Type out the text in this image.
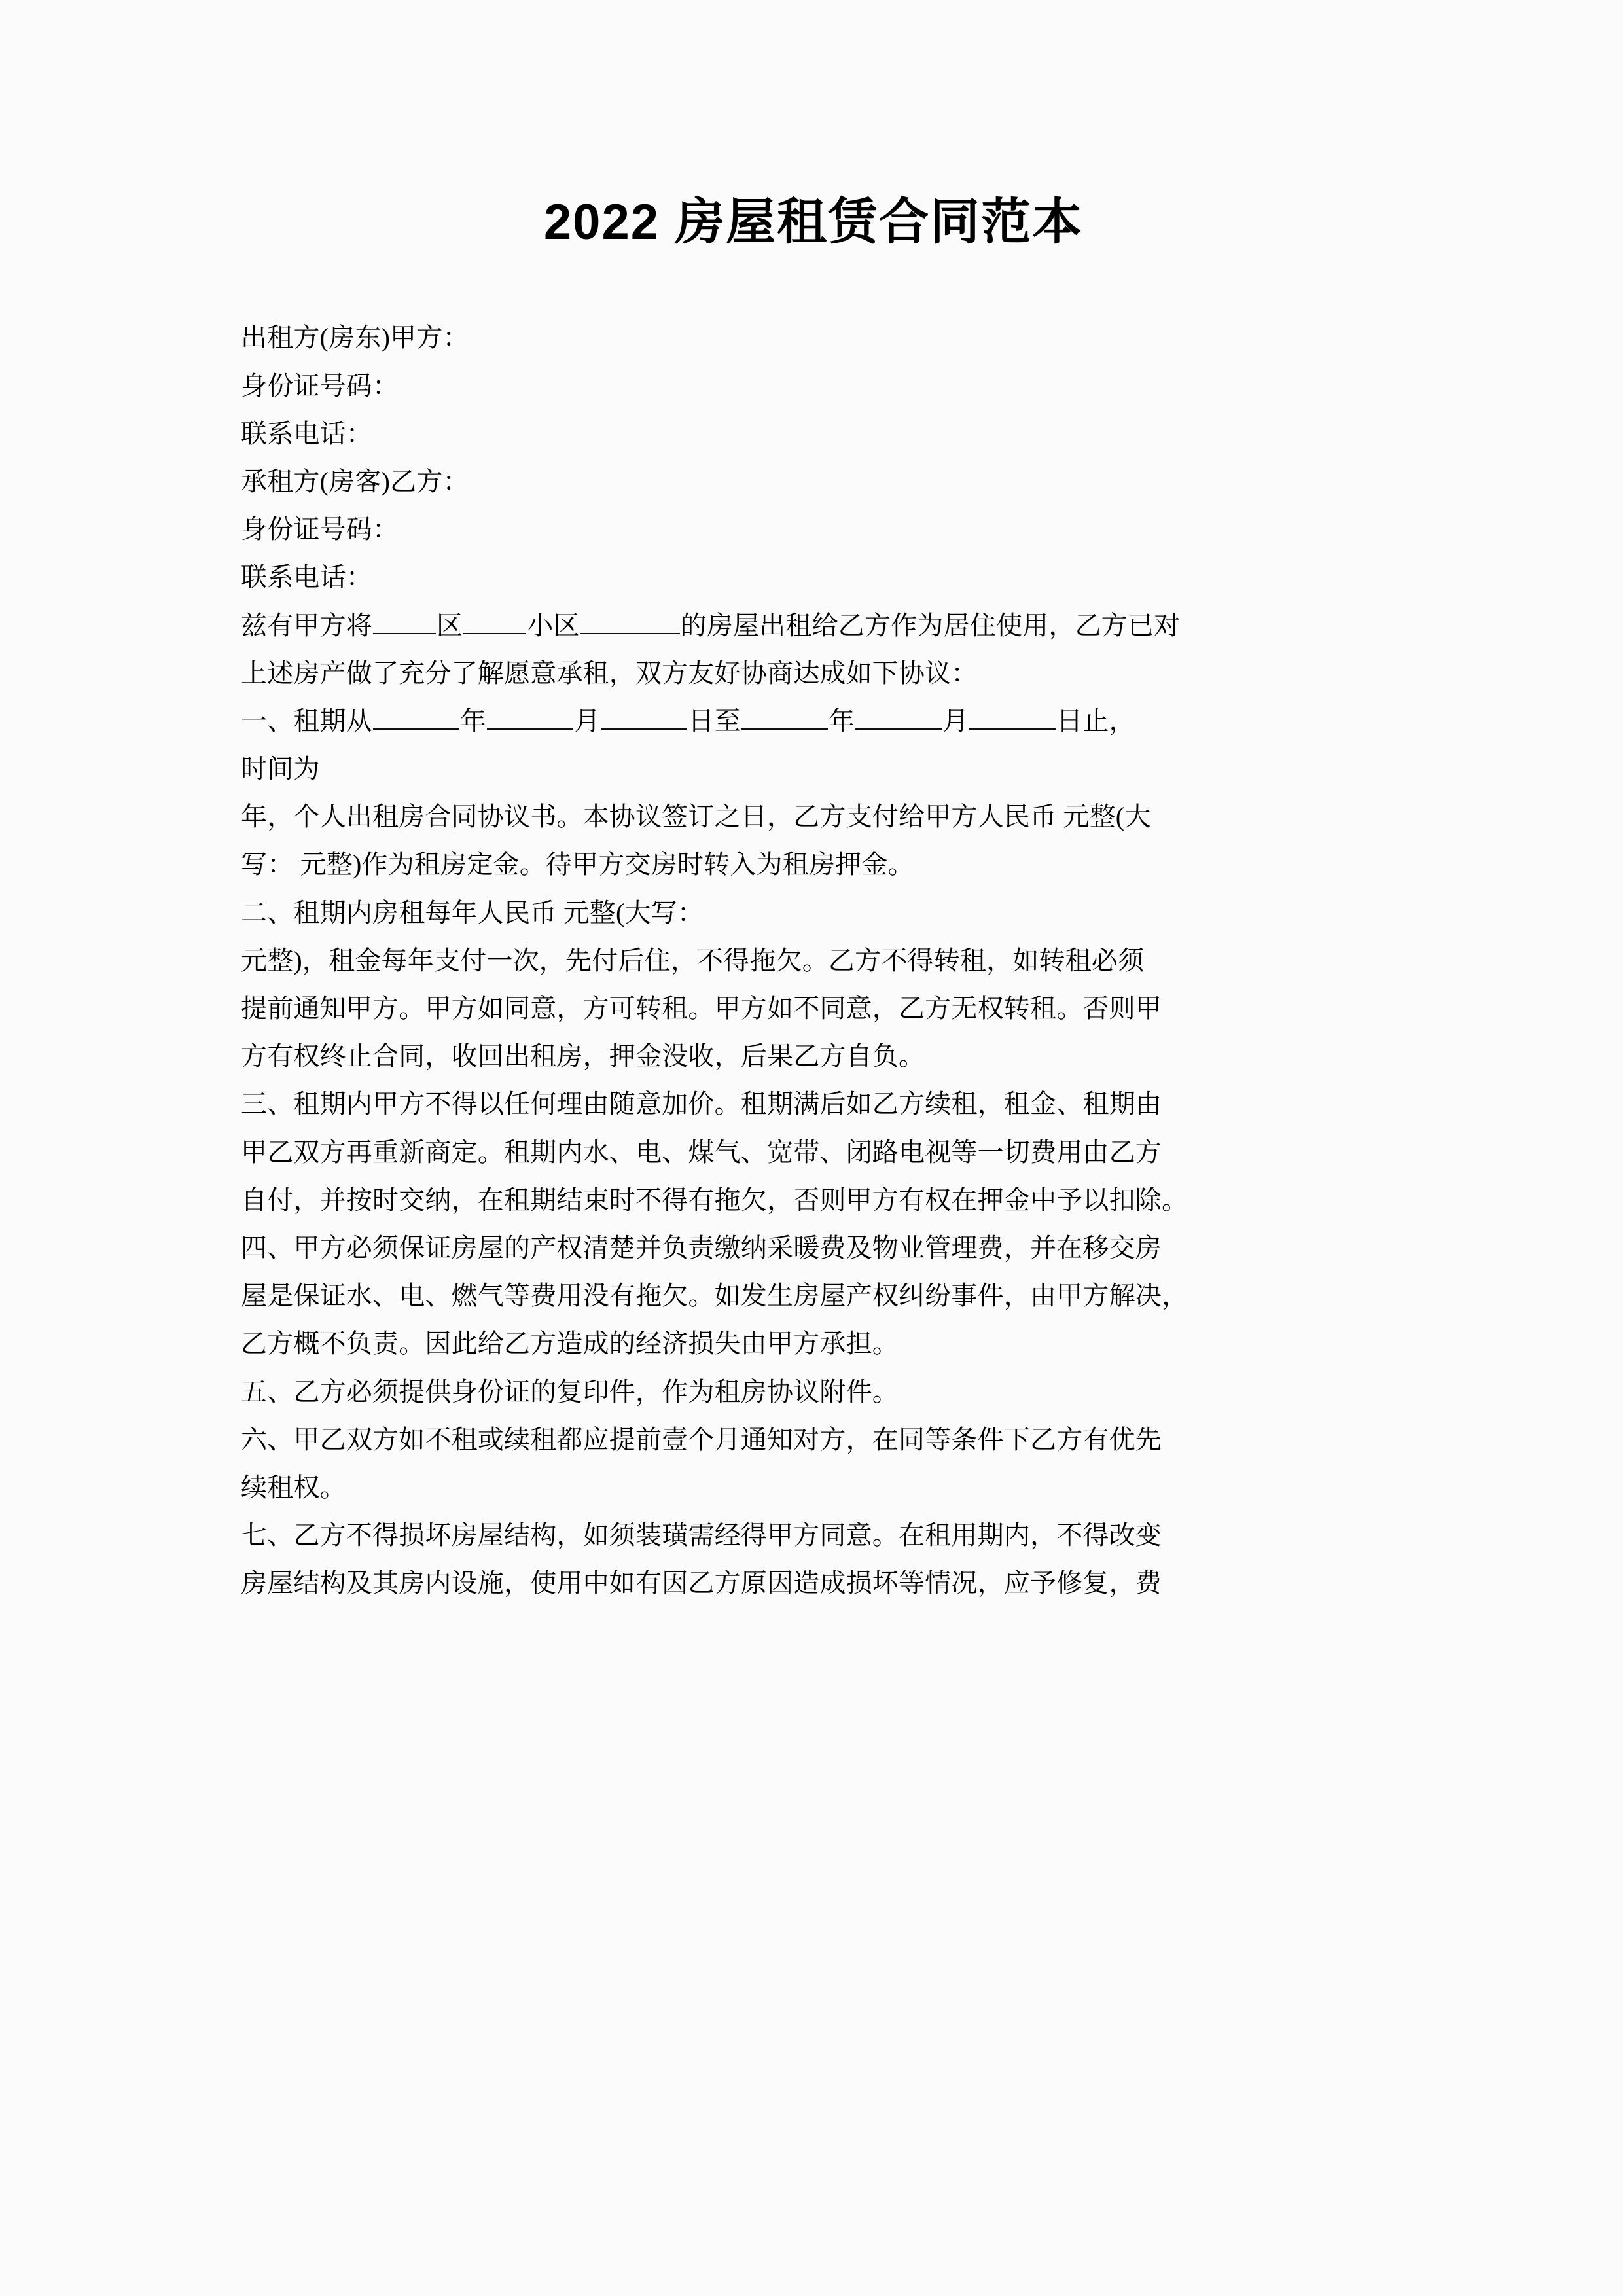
2022 房屋租赁合同范本

出租方(房东)甲方：

身份证号码：

联系电话：

承租方(房客)乙方：

身份证号码：

联系电话：

兹有甲方将 区 小区	的房屋出租给乙方作为居住使用，乙方已对

上述房产做了充分了解愿意承租，双方友好协商达成如下协议：

一、租期从	年	月	日至	年	月	日止，

时间为

年，个人出租房合同协议书。本协议签订之日，乙方支付给甲方人民币 元整(大

写： 元整)作为租房定金。待甲方交房时转入为租房押金。

二、租期内房租每年人民币 元整(大写：

元整)，租金每年支付一次，先付后住，不得拖欠。乙方不得转租，如转租必须

提前通知甲方。甲方如同意，方可转租。甲方如不同意，乙方无权转租。否则甲

方有权终止合同，收回出租房，押金没收，后果乙方自负。

三、租期内甲方不得以任何理由随意加价。租期满后如乙方续租，租金、租期由

甲乙双方再重新商定。租期内水、电、煤气、宽带、闭路电视等一切费用由乙方

自付，并按时交纳，在租期结束时不得有拖欠，否则甲方有权在押金中予以扣除。

四、甲方必须保证房屋的产权清楚并负责缴纳采暖费及物业管理费，并在移交房

屋是保证水、电、燃气等费用没有拖欠。如发生房屋产权纠纷事件，由甲方解决，

乙方概不负责。因此给乙方造成的经济损失由甲方承担。

五、乙方必须提供身份证的复印件，作为租房协议附件。

六、甲乙双方如不租或续租都应提前壹个月通知对方，在同等条件下乙方有优先

续租权。

七、乙方不得损坏房屋结构，如须装璜需经得甲方同意。在租用期内，不得改变

房屋结构及其房内设施，使用中如有因乙方原因造成损坏等情况，应予修复，费
